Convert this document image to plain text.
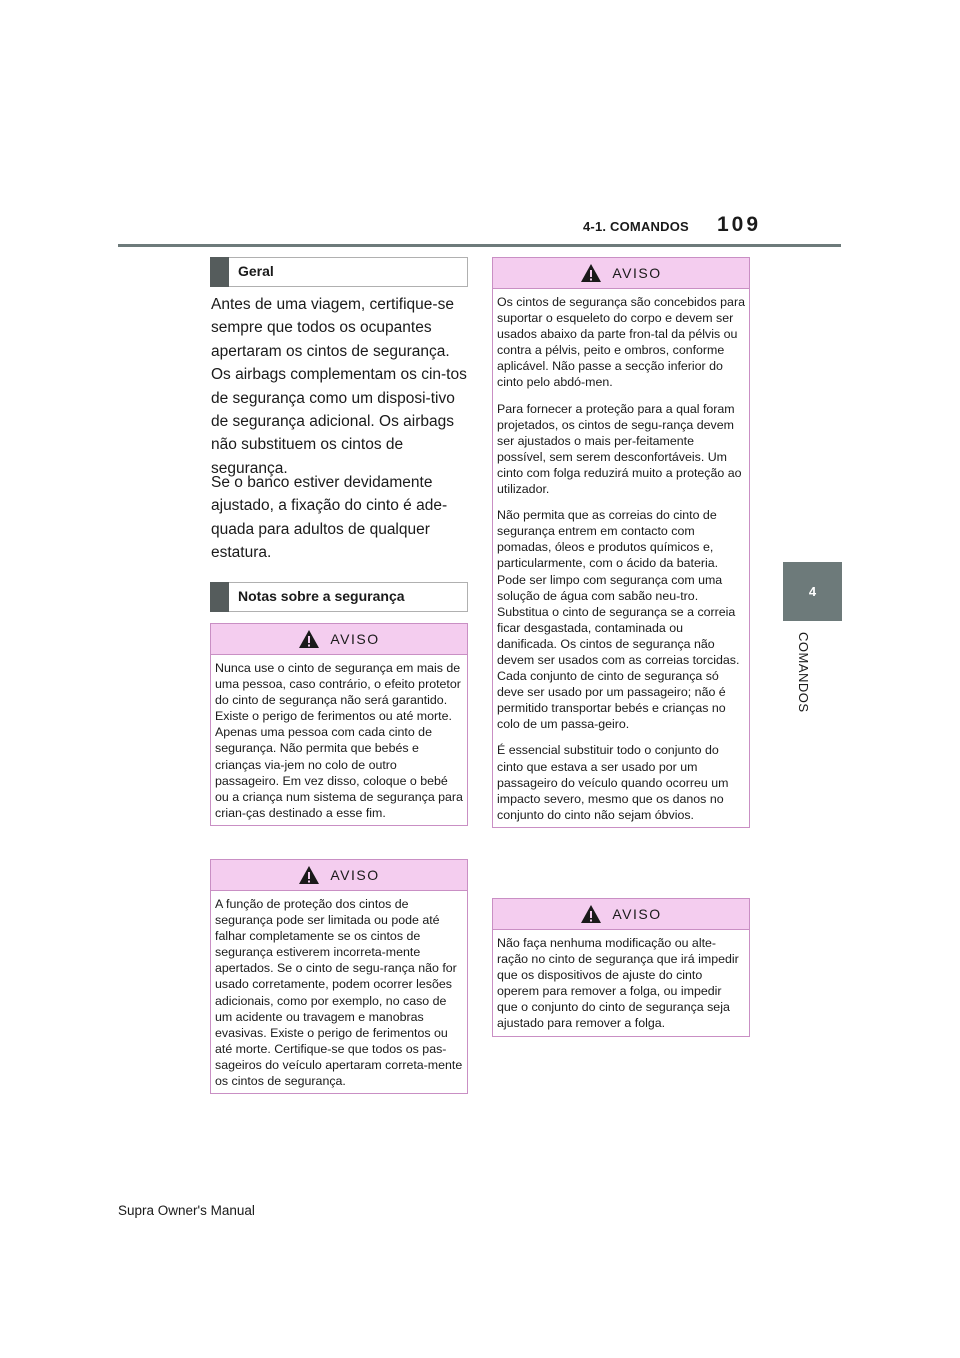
4-1. COMANDOS 109
4
COMANDOS
Geral
Antes de uma viagem, certifique-se sempre que todos os ocupantes apertaram os cintos de segurança. Os airbags complementam os cin-tos de segurança como um disposi-tivo de segurança adicional. Os airbags não substituem os cintos de segurança.
Se o banco estiver devidamente ajustado, a fixação do cinto é ade-quada para adultos de qualquer estatura.
Notas sobre a segurança
AVISO

Nunca use o cinto de segurança em mais de uma pessoa, caso contrário, o efeito protetor do cinto de segurança não será garantido. Existe o perigo de ferimentos ou até morte. Apenas uma pessoa com cada cinto de segurança. Não permita que bebés e crianças via-jem no colo de outro passageiro. Em vez disso, coloque o bebé ou a criança num sistema de segurança para crian-ças destinado a esse fim.

AVISO

A função de proteção dos cintos de segurança pode ser limitada ou pode até falhar completamente se os cintos de segurança estiverem incorreta-mente apertados. Se o cinto de segu-rança não for usado corretamente, podem ocorrer lesões adicionais, como por exemplo, no caso de um acidente ou travagem e manobras evasivas. Existe o perigo de ferimentos ou até morte. Certifique-se que todos os pas-sageiros do veículo apertaram correta-mente os cintos de segurança.

AVISO

Os cintos de segurança são concebidos para suportar o esqueleto do corpo e devem ser usados abaixo da parte fron-tal da pélvis ou contra a pélvis, peito e ombros, conforme aplicável. Não passe a secção inferior do cinto pelo abdó-men.

Para fornecer a proteção para a qual foram projetados, os cintos de segu-rança devem ser ajustados o mais per-feitamente possível, sem serem desconfortáveis. Um cinto com folga reduzirá muito a proteção ao utilizador.

Não permita que as correias do cinto de segurança entrem em contacto com pomadas, óleos e produtos químicos e, particularmente, com o ácido da bateria. Pode ser limpo com segurança com uma solução de água com sabão neu-tro. Substitua o cinto de segurança se a correia ficar desgastada, contaminada ou danificada. Os cintos de segurança não devem ser usados com as correias torcidas. Cada conjunto de cinto de segurança só deve ser usado por um passageiro; não é permitido transportar bebés e crianças no colo de um passa-geiro.

É essencial substituir todo o conjunto do cinto que estava a ser usado por um passageiro do veículo quando ocorreu um impacto severo, mesmo que os danos no conjunto do cinto não sejam óbvios.

AVISO

Não faça nenhuma modificação ou alte-ração no cinto de segurança que irá impedir que os dispositivos de ajuste do cinto operem para remover a folga, ou impedir que o conjunto do cinto de segurança seja ajustado para remover a folga.

Supra Owner's Manual
